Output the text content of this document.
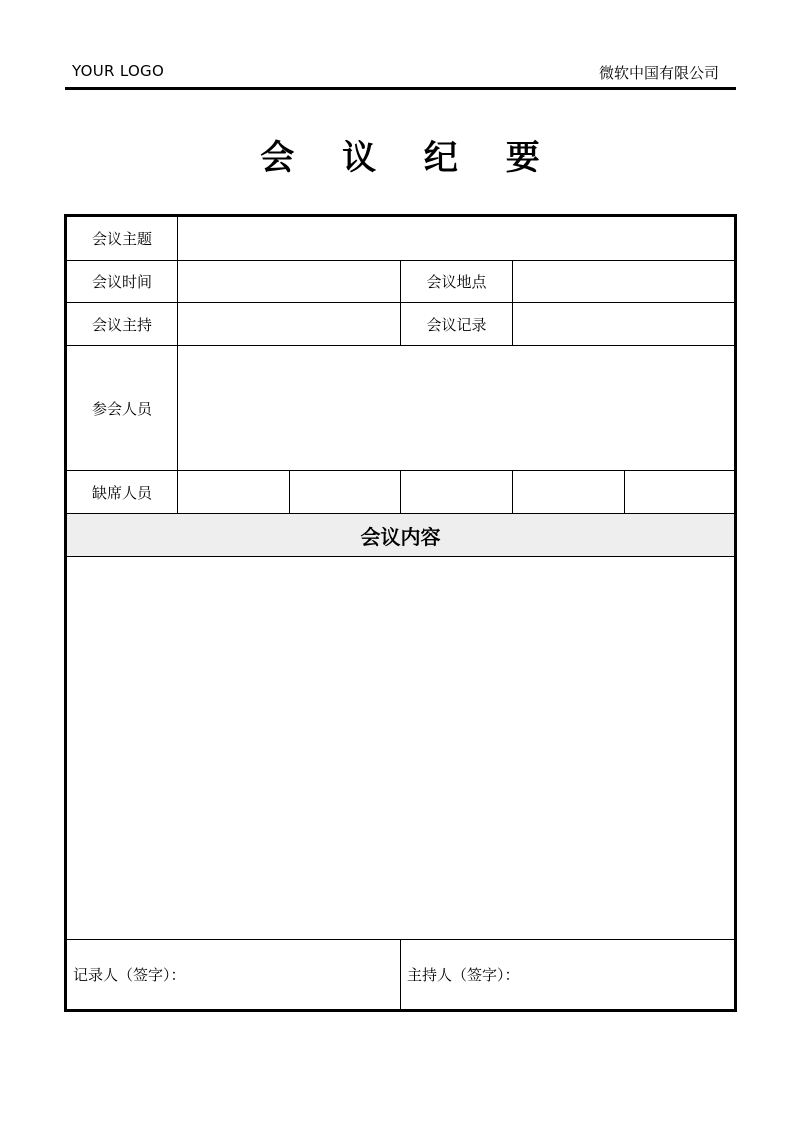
YOUR LOGO	微软中国有限公司
会 议 纪 要
会议主题
会议时间	会议地点
会议主持	会议记录
参会人员
缺席人员
会议内容
记录人（签字）：	主持人（签字）：
